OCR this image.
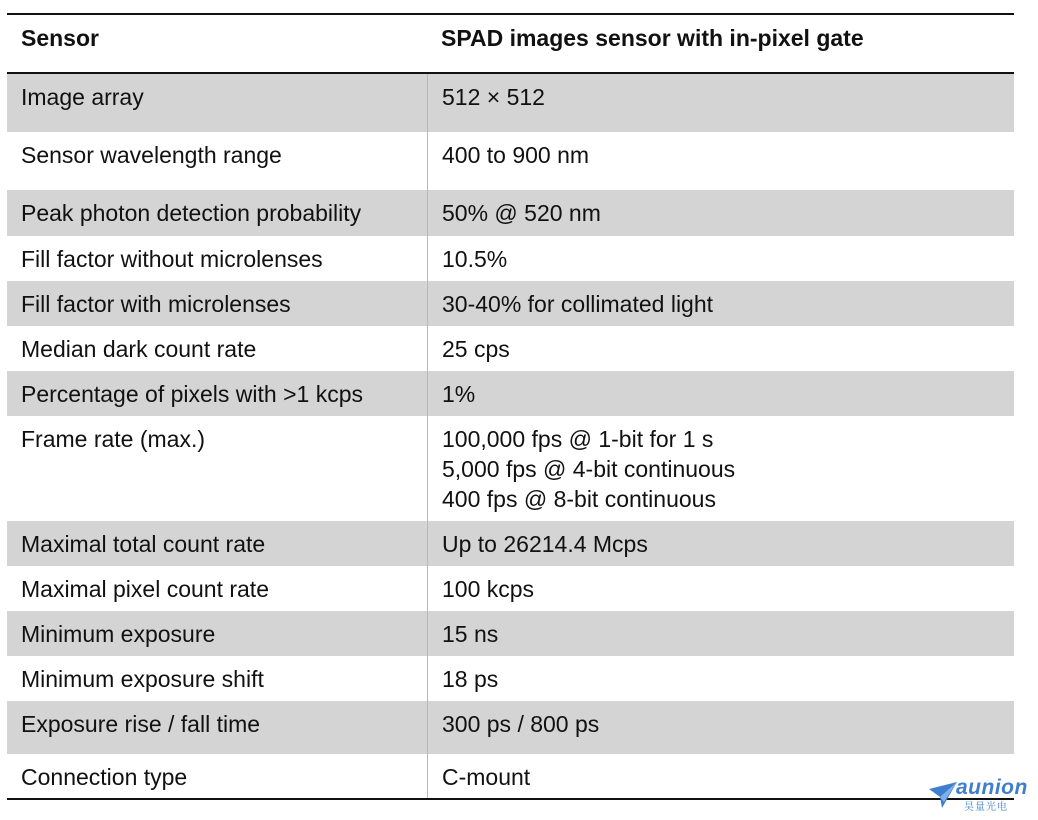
Sensor	SPAD images sensor with in-pixel gate
Image array	512 × 512
Sensor wavelength range	400 to 900 nm
Peak photon detection probability	50% @ 520 nm
Fill factor without microlenses	10.5%
Fill factor with microlenses	30-40% for collimated light
Median dark count rate	25 cps
Percentage of pixels with >1 kcps	1%
Frame rate (max.)	100,000 fps @ 1-bit for 1 s
5,000 fps @ 4-bit continuous
400 fps @ 8-bit continuous
Maximal total count rate	Up to 26214.4 Mcps
Maximal pixel count rate	100 kcps
Minimum exposure	15 ns
Minimum exposure shift	18 ps
Exposure rise / fall time	300 ps / 800 ps
Connection type	C-mount	aunion
昊量光电
